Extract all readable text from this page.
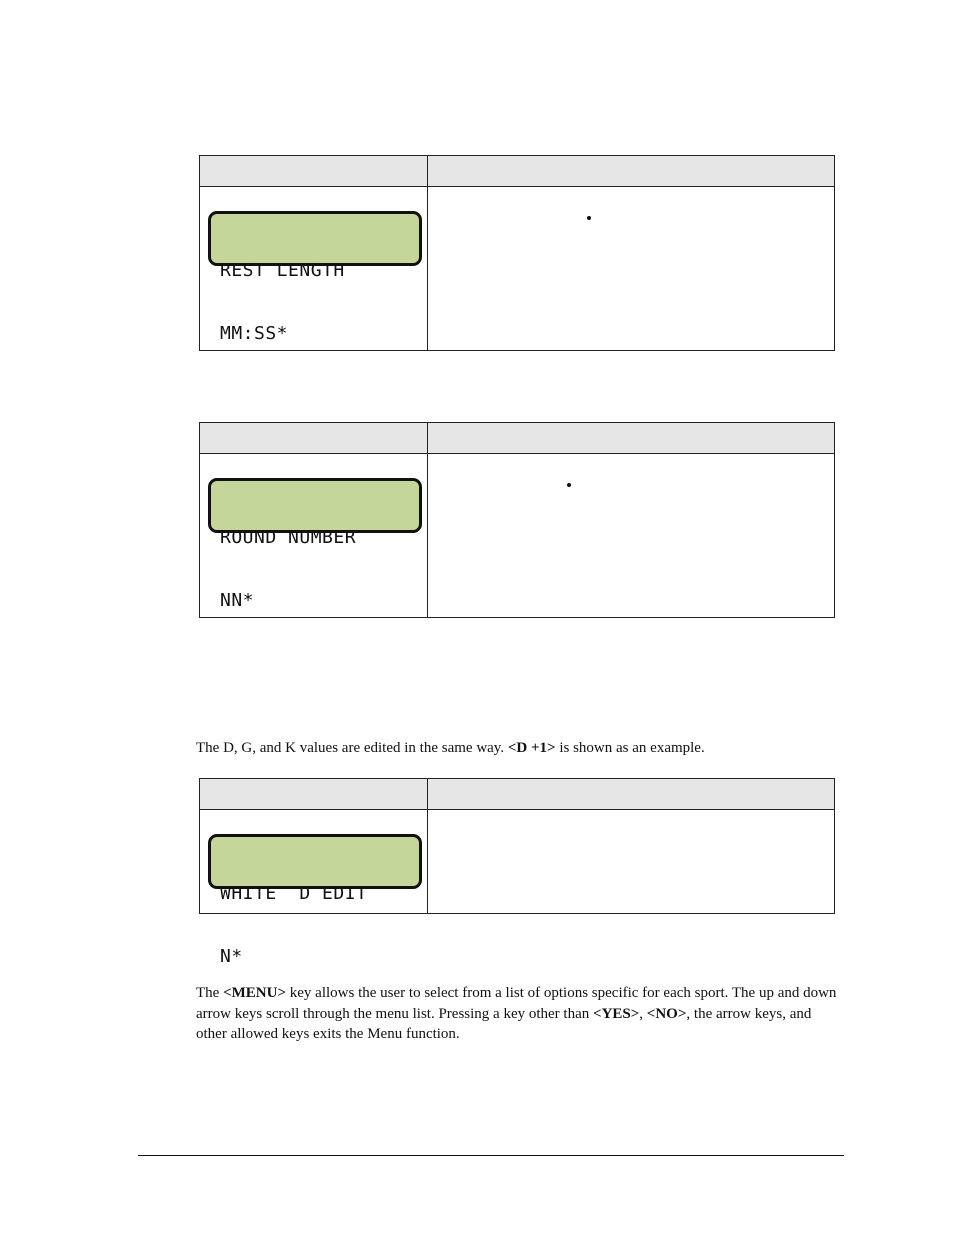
REST LENGTH

MM:SS*

ROUND NUMBER

NN*

The D, G, and K values are edited in the same way. <D +1> is shown as an example.

WHITE  D EDIT

N*

The <MENU> key allows the user to select from a list of options specific for each sport. The up and down arrow keys scroll through the menu list. Pressing a key other than <YES>, <NO>, the arrow keys, and other allowed keys exits the Menu function.
